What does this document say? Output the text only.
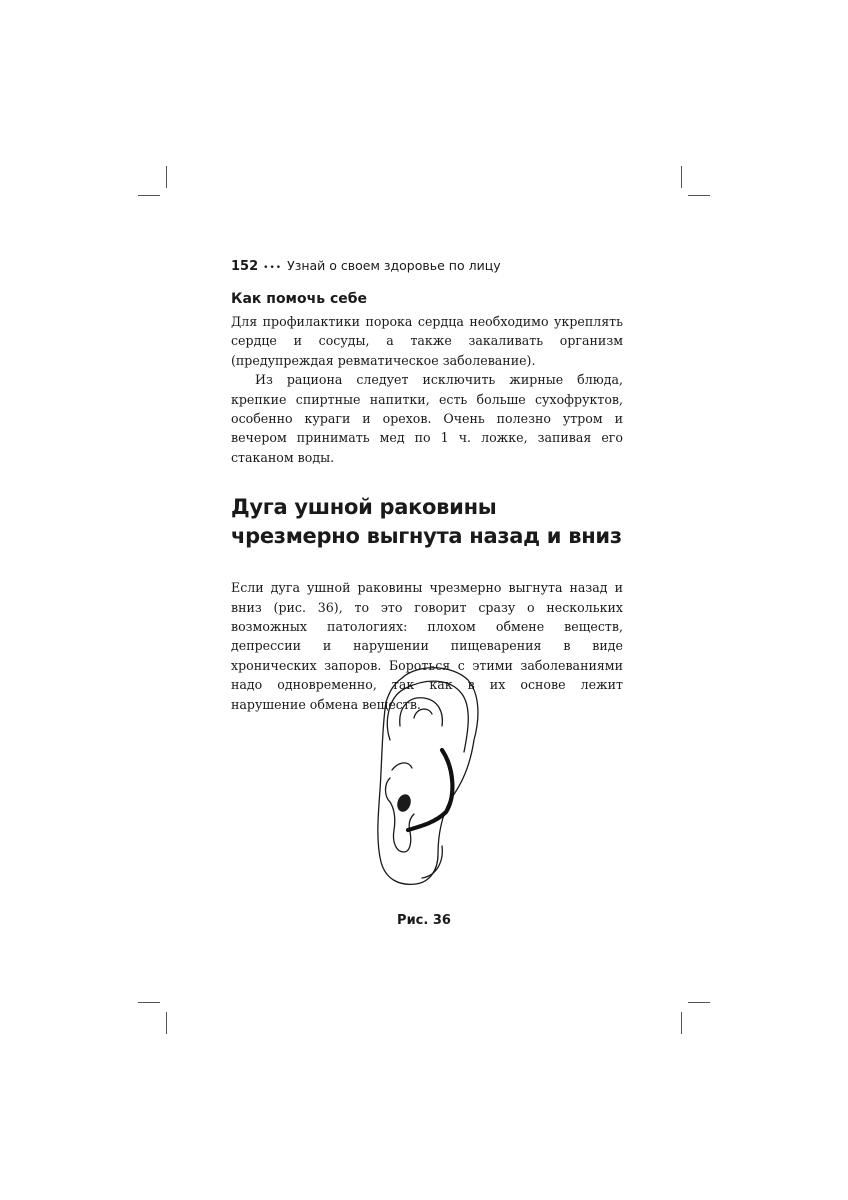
152 ••• Узнай о своем здоровье по лицу
Как помочь себе

Для профилактики порока сердца необходимо укреплять сердце и сосуды, а также закаливать организм (предупреждая ревматическое заболевание).

Из рациона следует исключить жирные блюда, крепкие спиртные напитки, есть больше сухофруктов, особенно кураги и орехов. Очень полезно утром и вечером принимать мед по 1 ч. ложке, запивая его стаканом воды.

Дуга ушной раковины чрезмерно выгнута назад и вниз

Если дуга ушной раковины чрезмерно выгнута назад и вниз (рис. 36), то это говорит сразу о нескольких возможных патологиях: плохом обмене веществ, депрессии и нарушении пищеварения в виде хронических запоров. Бороться с этими заболеваниями надо одновременно, так как в их основе лежит нарушение обмена веществ.

Рис. 36
